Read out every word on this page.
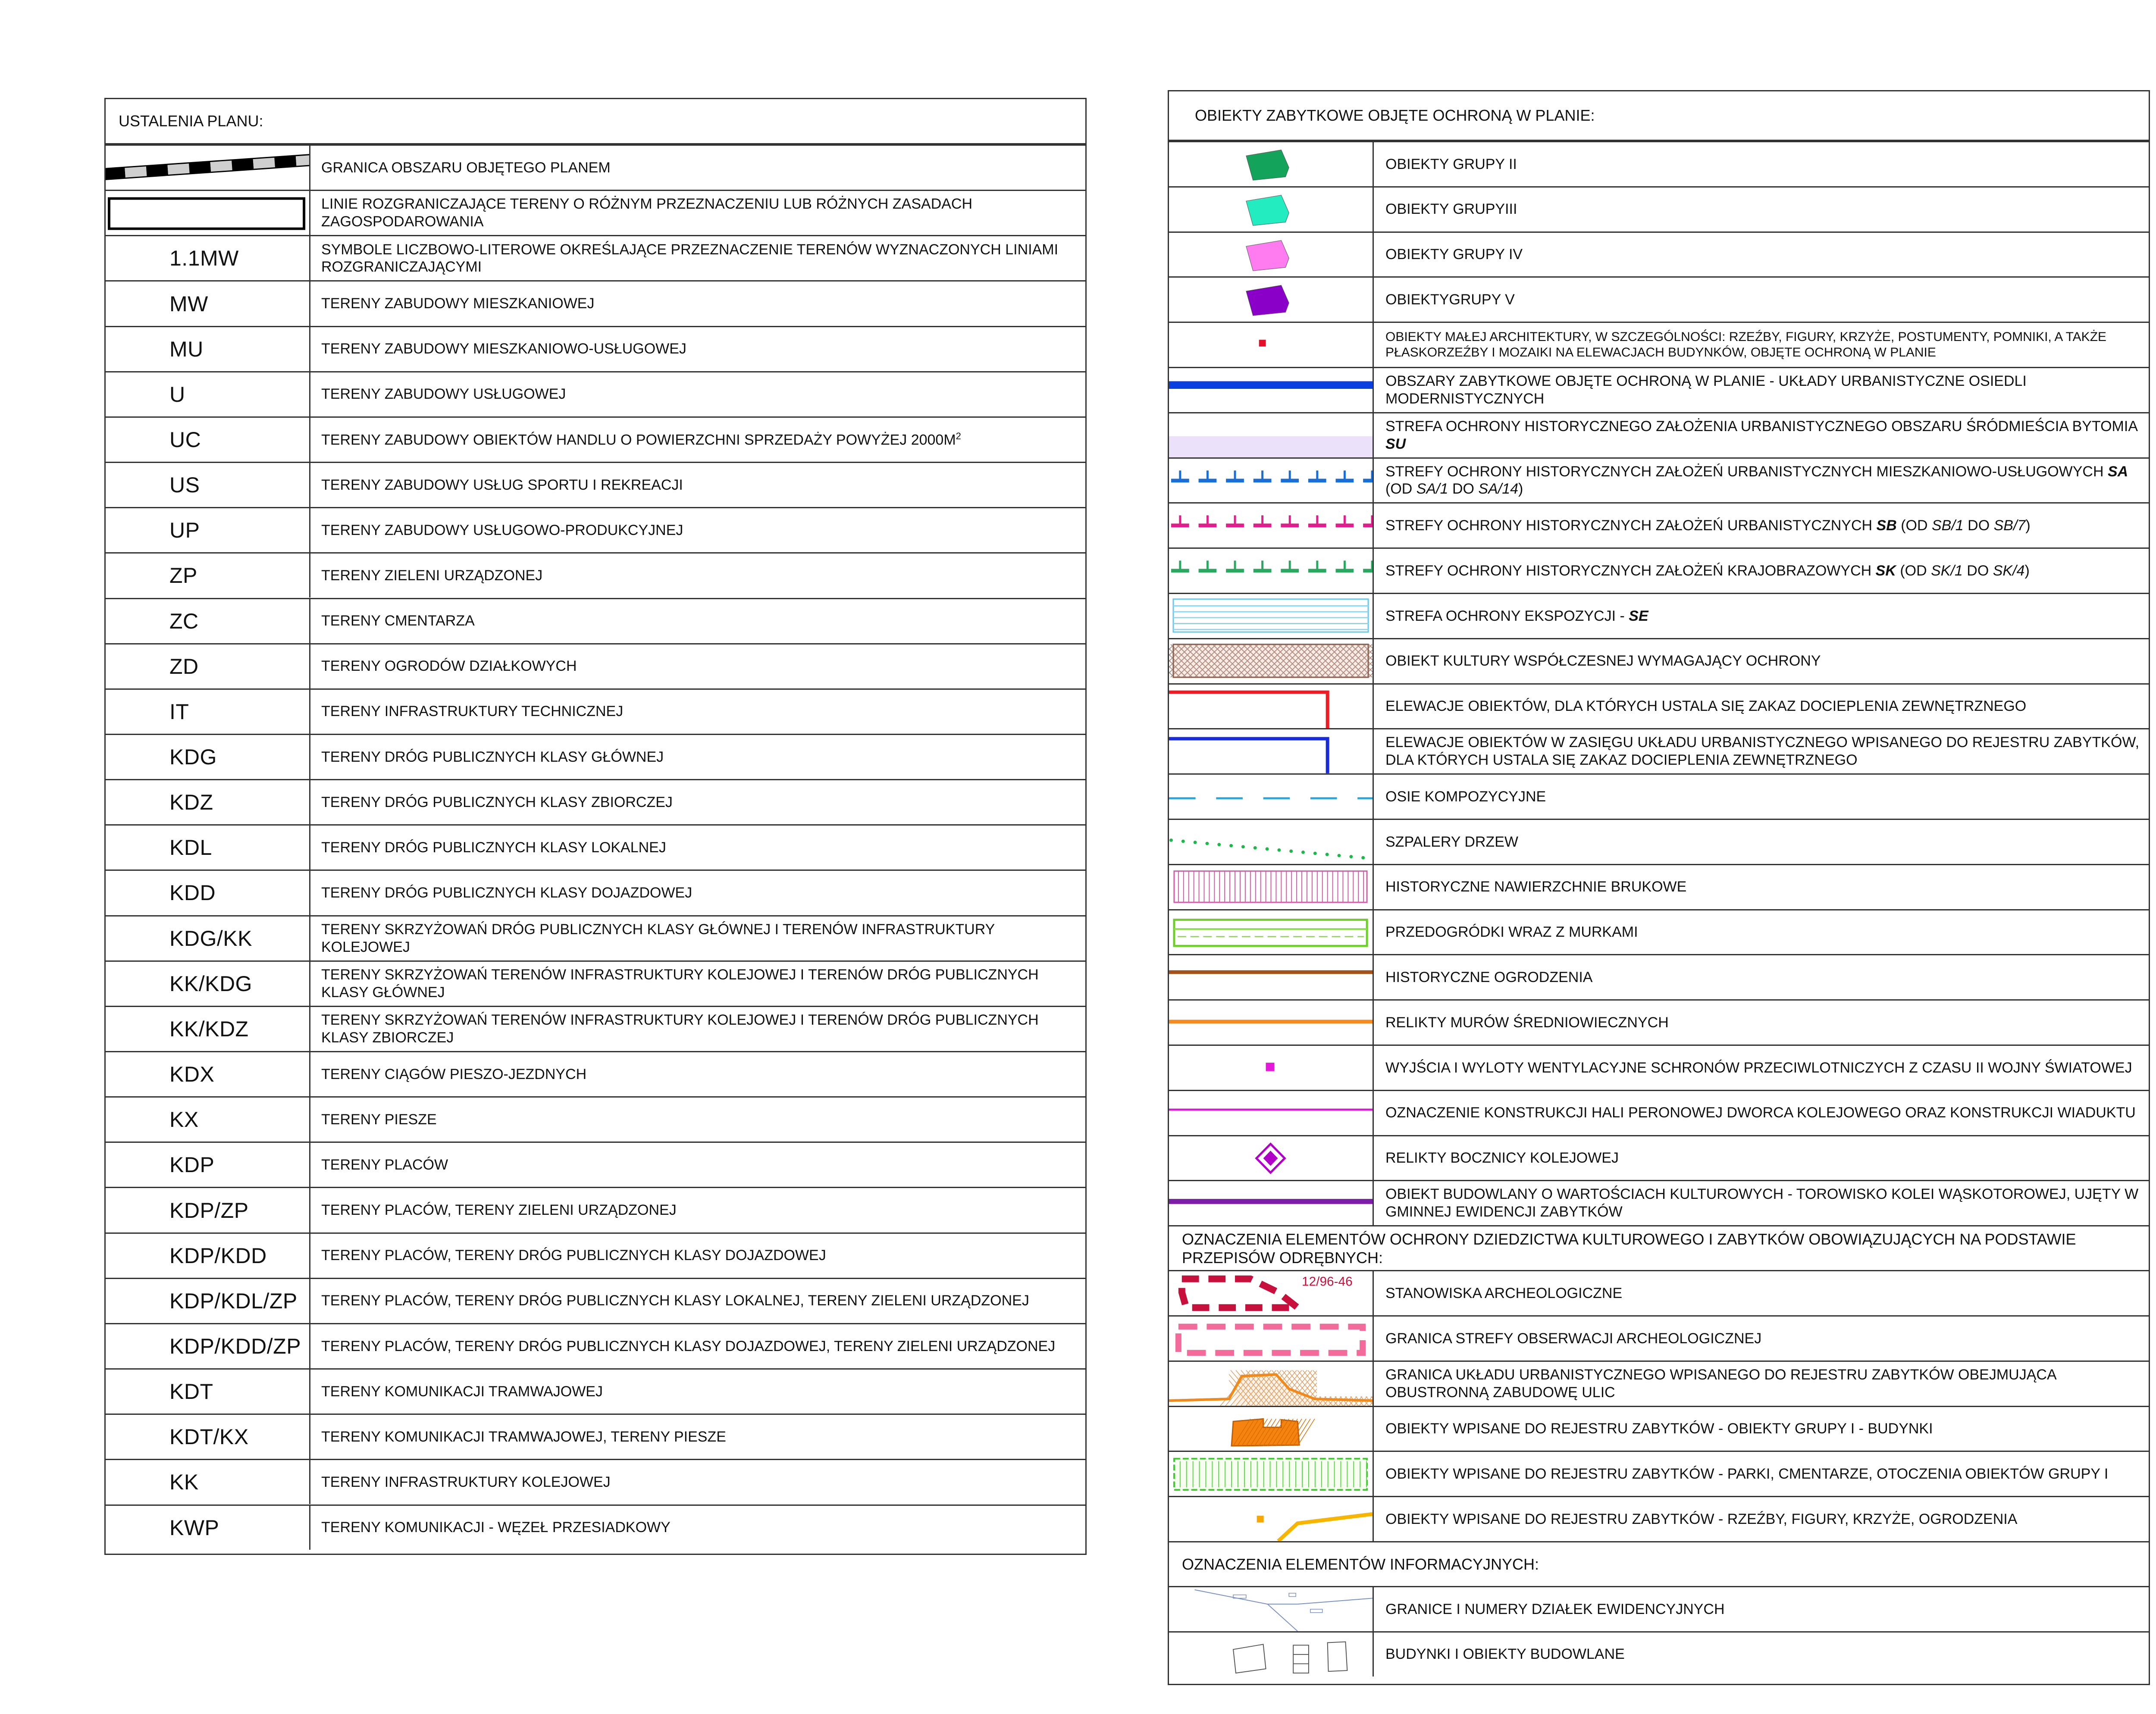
USTALENIA PLANU:
GRANICA OBSZARU OBJĘTEGO PLANEM
LINIE ROZGRANICZAJĄCE TERENY O RÓŻNYM PRZEZNACZENIU LUB RÓŻNYCH ZASADACH ZAGOSPODAROWANIA
1.1MW	SYMBOLE LICZBOWO-LITEROWE OKREŚLAJĄCE PRZEZNACZENIE TERENÓW WYZNACZONYCH LINIAMI ROZGRANICZAJĄCYMI
MW	TERENY ZABUDOWY MIESZKANIOWEJ
MU	TERENY ZABUDOWY MIESZKANIOWO-USŁUGOWEJ
U	TERENY ZABUDOWY USŁUGOWEJ
UC	TERENY ZABUDOWY OBIEKTÓW HANDLU O POWIERZCHNI SPRZEDAŻY POWYŻEJ $2000M^2$
US	TERENY ZABUDOWY USŁUG SPORTU I REKREACJI
UP	TERENY ZABUDOWY USŁUGOWO-PRODUKCYJNEJ
ZP	TERENY ZIELENI URZĄDZONEJ
ZC	TERENY CMENTARZA
ZD	TERENY OGRODÓW DZIAŁKOWYCH
IT	TERENY INFRASTRUKTURY TECHNICZNEJ
KDG	TERENY DRÓG PUBLICZNYCH KLASY GŁÓWNEJ
KDZ	TERENY DRÓG PUBLICZNYCH KLASY ZBIORCZEJ
KDL	TERENY DRÓG PUBLICZNYCH KLASY LOKALNEJ
KDD	TERENY DRÓG PUBLICZNYCH KLASY DOJAZDOWEJ
KDG/KK	TERENY SKRZYŻOWAŃ DRÓG PUBLICZNYCH KLASY GŁÓWNEJ I TERENÓW INFRASTRUKTURY KOLEJOWEJ
KK/KDG	TERENY SKRZYŻOWAŃ TERENÓW INFRASTRUKTURY KOLEJOWEJ I TERENÓW DRÓG PUBLICZNYCH KLASY GŁÓWNEJ
KK/KDZ	TERENY SKRZYŻOWAŃ TERENÓW INFRASTRUKTURY KOLEJOWEJ I TERENÓW DRÓG PUBLICZNYCH KLASY ZBIORCZEJ
KDX	TERENY CIĄGÓW PIESZO-JEZDNYCH
KX	TERENY PIESZE
KDP	TERENY PLACÓW
KDP/ZP	TERENY PLACÓW, TERENY ZIELENI URZĄDZONEJ
KDP/KDD	TERENY PLACÓW, TERENY DRÓG PUBLICZNYCH KLASY DOJAZDOWEJ
KDP/KDL/ZP TERENY PLACÓW, TERENY DRÓG PUBLICZNYCH KLASY LOKALNEJ, TERENY ZIELENI URZĄDZONEJ
KDP/KDD/ZP TERENY PLACÓW, TERENY DRÓG PUBLICZNYCH KLASY DOJAZDOWEJ, TERENY ZIELENI URZĄDZONEJ
KDT	TERENY KOMUNIKACJI TRAMWAJOWEJ
KDT/KX	TERENY KOMUNIKACJI TRAMWAJOWEJ, TERENY PIESZE
KK	TERENY INFRASTRUKTURY KOLEJOWEJ
KWP	TERENY KOMUNIKACJI - WĘZEŁ PRZESIADKOWY
OBIEKTY ZABYTKOWE OBJĘTE OCHRONĄ W PLANIE:
OBIEKTY GRUPY II
OBIEKTY GRUPYIII
OBIEKTY GRUPY IV
OBIEKTYGRUPY V
OBIEKTY MAŁEJ ARCHITEKTURY, W SZCZEGÓLNOŚCI: RZEŹBY, FIGURY, KRZYŻE, POSTUMENTY, POMNIKI, A TAKŻE PŁASKORZEŹBY I MOZAIKI NA ELEWACJACH BUDYNKÓW, OBJĘTE OCHRONĄ W PLANIE
OBSZARY ZABYTKOWE OBJĘTE OCHRONĄ W PLANIE - UKŁADY URBANISTYCZNE OSIEDLI MODERNISTYCZNYCH
STREFA OCHRONY HISTORYCZNEGO ZAŁOŻENIA URBANISTYCZNEGO OBSZARU ŚRÓDMIEŚCIA BYTOMIA SU
STREFY OCHRONY HISTORYCZNYCH ZAŁOŻEŃ URBANISTYCZNYCH MIESZKANIOWO-USŁUGOWYCH SA (OD SA/1 DO SA/14)
STREFY OCHRONY HISTORYCZNYCH ZAŁOŻEŃ URBANISTYCZNYCH SB (OD SB/1 DO SB/7)
STREFY OCHRONY HISTORYCZNYCH ZAŁOŻEŃ KRAJOBRAZOWYCH SK (OD SK/1 DO SK/4)
STREFA OCHRONY EKSPOZYCJI - SE
OBIEKT KULTURY WSPÓŁCZESNEJ WYMAGAJĄCY OCHRONY
ELEWACJE OBIEKTÓW, DLA KTÓRYCH USTALA SIĘ ZAKAZ DOCIEPLENIA ZEWNĘTRZNEGO
ELEWACJE OBIEKTÓW W ZASIĘGU UKŁADU URBANISTYCZNEGO WPISANEGO DO REJESTRU ZABYTKÓW, DLA KTÓRYCH USTALA SIĘ ZAKAZ DOCIEPLENIA ZEWNĘTRZNEGO
OSIE KOMPOZYCYJNE
SZPALERY DRZEW
HISTORYCZNE NAWIERZCHNIE BRUKOWE
PRZEDOGRÓDKI WRAZ Z MURKAMI
HISTORYCZNE OGRODZENIA
RELIKTY MURÓW ŚREDNIOWIECZNYCH
WYJŚCIA I WYLOTY WENTYLACYJNE SCHRONÓW PRZECIWLOTNICZYCH Z CZASU II WOJNY ŚWIATOWEJ
OZNACZENIE KONSTRUKCJI HALI PERONOWEJ DWORCA KOLEJOWEGO ORAZ KONSTRUKCJI WIADUKTU
RELIKTY BOCZNICY KOLEJOWEJ
OBIEKT BUDOWLANY O WARTOŚCIACH KULTUROWYCH - TOROWISKO KOLEI WĄSKOTOROWEJ, UJĘTY W GMINNEJ EWIDENCJI ZABYTKÓW
OZNACZENIA ELEMENTÓW OCHRONY DZIEDZICTWA KULTUROWEGO I ZABYTKÓW OBOWIĄZUJĄCYCH NA PODSTAWIE PRZEPISÓW ODRĘBNYCH:
12/96-46
STANOWISKA ARCHEOLOGICZNE
GRANICA STREFY OBSERWACJI ARCHEOLOGICZNEJ
GRANICA UKŁADU URBANISTYCZNEGO WPISANEGO DO REJESTRU ZABYTKÓW OBEJMUJĄCA OBUSTRONNĄ ZABUDOWĘ ULIC
OBIEKTY WPISANE DO REJESTRU ZABYTKÓW - OBIEKTY GRUPY I - BUDYNKI
OBIEKTY WPISANE DO REJESTRU ZABYTKÓW - PARKI, CMENTARZE, OTOCZENIA OBIEKTÓW GRUPY I
OBIEKTY WPISANE DO REJESTRU ZABYTKÓW - RZEŹBY, FIGURY, KRZYŻE, OGRODZENIA
OZNACZENIA ELEMENTÓW INFORMACYJNYCH:
GRANICE I NUMERY DZIAŁEK EWIDENCYJNYCH
BUDYNKI I OBIEKTY BUDOWLANE
